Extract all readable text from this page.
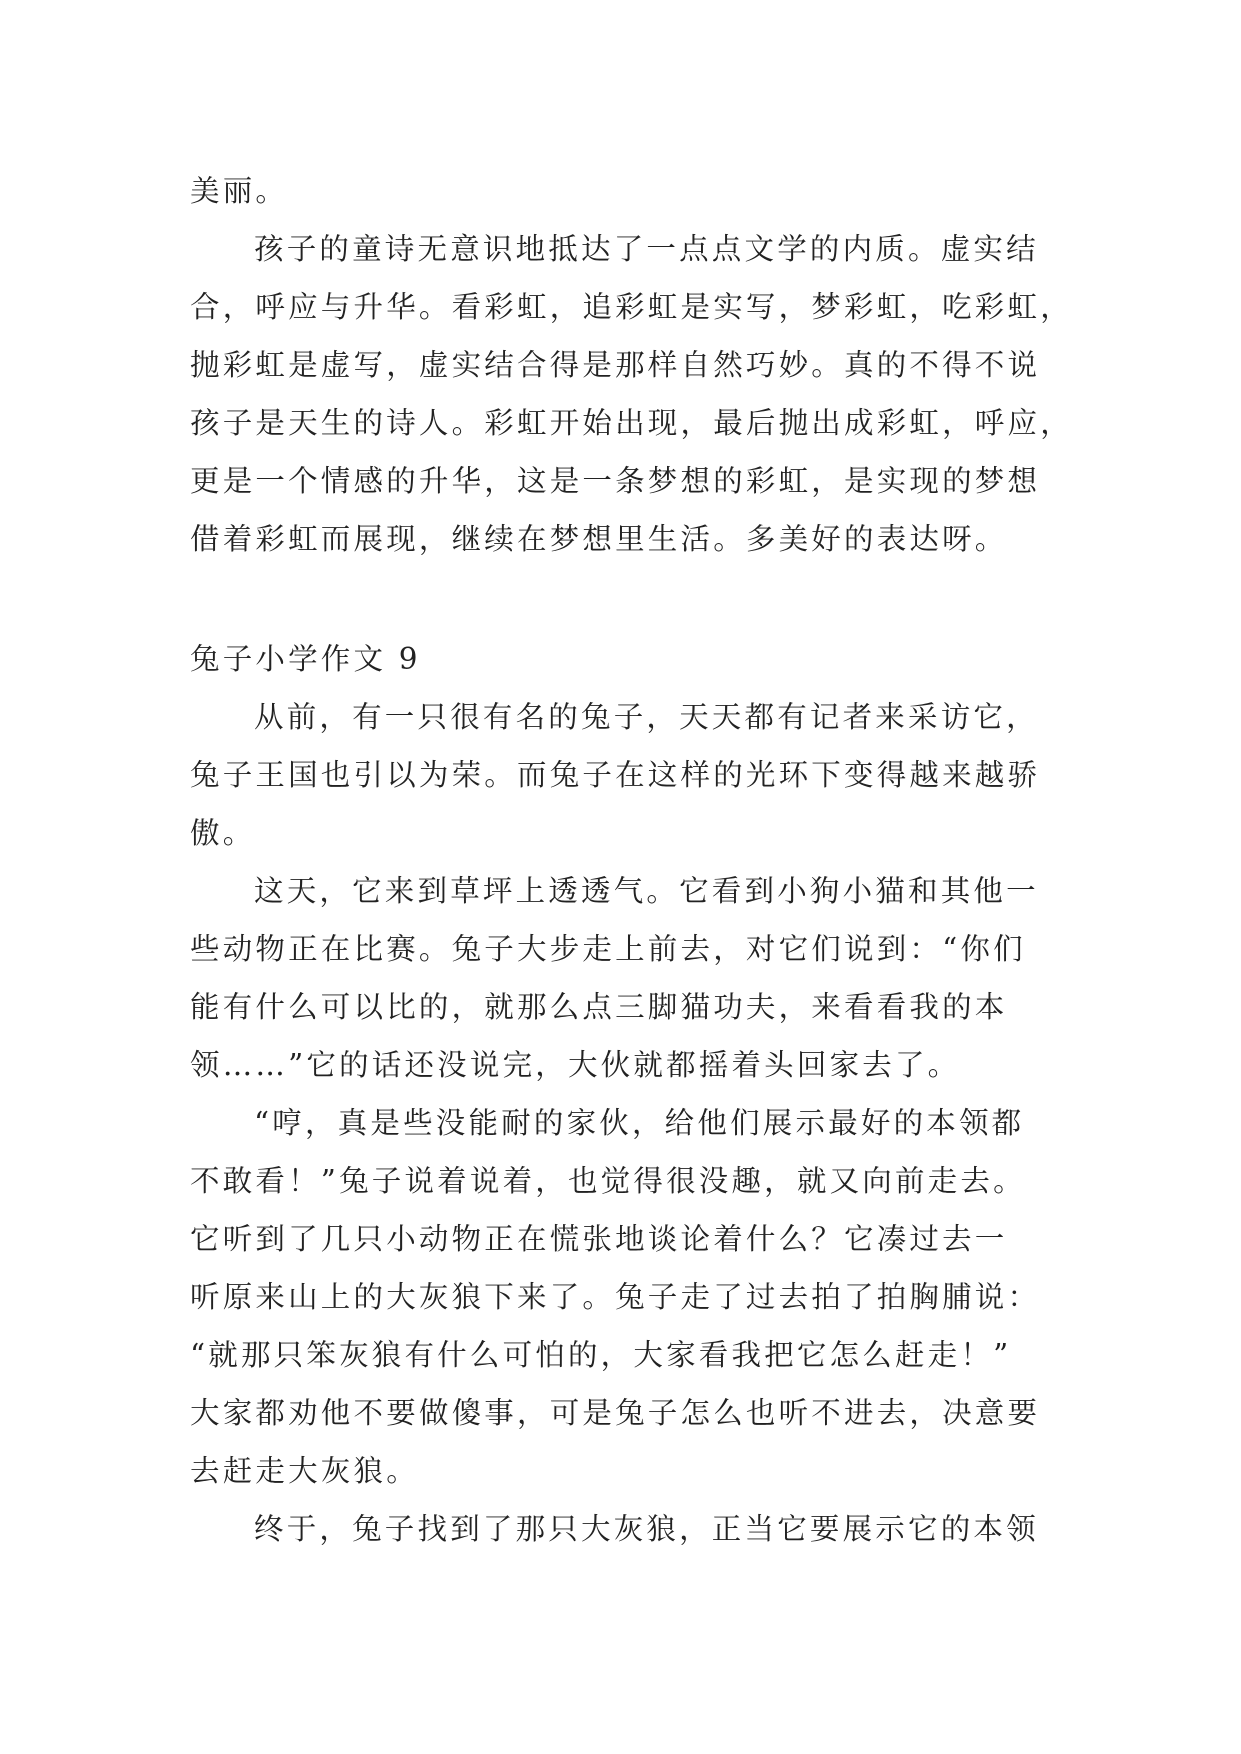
美丽。
孩子的童诗无意识地抵达了一点点文学的内质。虚实结
合，呼应与升华。看彩虹，追彩虹是实写，梦彩虹，吃彩虹，
抛彩虹是虚写，虚实结合得是那样自然巧妙。真的不得不说
孩子是天生的诗人。彩虹开始出现，最后抛出成彩虹，呼应，
更是一个情感的升华，这是一条梦想的彩虹，是实现的梦想
借着彩虹而展现，继续在梦想里生活。多美好的表达呀。
兔子小学作文 9
从前，有一只很有名的兔子，天天都有记者来采访它，
兔子王国也引以为荣。而兔子在这样的光环下变得越来越骄
傲。
这天，它来到草坪上透透气。它看到小狗小猫和其他一
些动物正在比赛。兔子大步走上前去，对它们说到：“你们
能有什么可以比的，就那么点三脚猫功夫，来看看我的本
领……”它的话还没说完，大伙就都摇着头回家去了。
“哼，真是些没能耐的家伙，给他们展示最好的本领都
不敢看！”兔子说着说着，也觉得很没趣，就又向前走去。
它听到了几只小动物正在慌张地谈论着什么？它凑过去一
听原来山上的大灰狼下来了。兔子走了过去拍了拍胸脯说：
“就那只笨灰狼有什么可怕的，大家看我把它怎么赶走！”
大家都劝他不要做傻事，可是兔子怎么也听不进去，决意要
去赶走大灰狼。
终于，兔子找到了那只大灰狼，正当它要展示它的本领
